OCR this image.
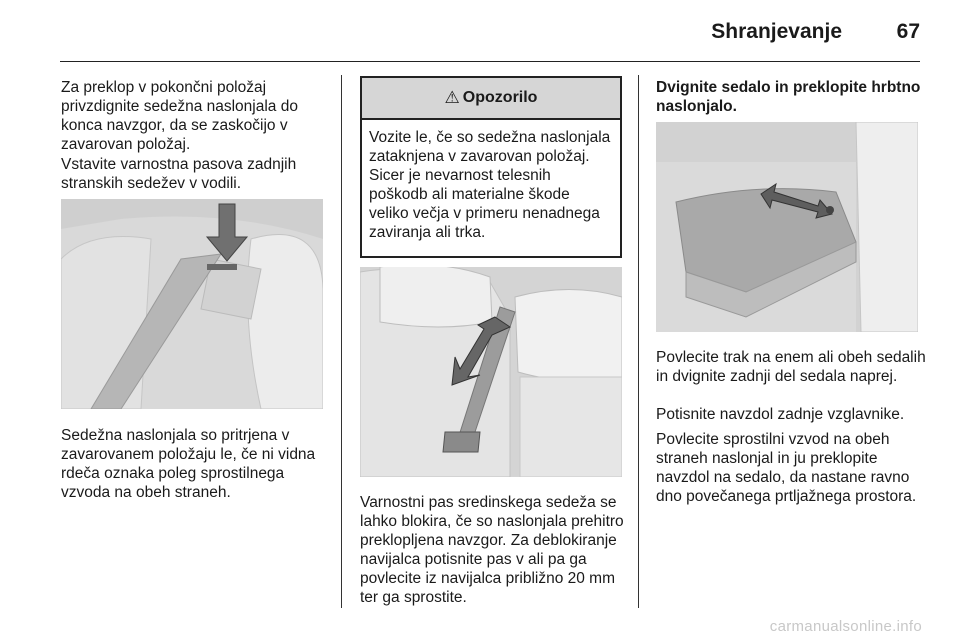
Shranjevanje	67

Za preklop v pokončni položaj privzdignite sedežna naslonjala do konca navzgor, da se zaskočijo v zavarovan položaj.

Vstavite varnostna pasova zadnjih stranskih sedežev v vodili.

Sedežna naslonjala so pritrjena v zavarovanem položaju le, če ni vidna rdeča oznaka poleg sprostilnega vzvoda na obeh straneh.

⚠ Opozorilo
Vozite le, če so sedežna naslonjala zataknjena v zavarovan položaj. Sicer je nevarnost telesnih poškodb ali materialne škode veliko večja v primeru nenadnega zaviranja ali trka.

Varnostni pas sredinskega sedeža se lahko blokira, če so naslonjala prehitro preklopljena navzgor. Za deblokiranje navijalca potisnite pas v ali pa ga povlecite iz navijalca približno 20 mm ter ga sprostite.

Dvignite sedalo in preklopite hrbtno naslonjalo.

Povlecite trak na enem ali obeh sedalih in dvignite zadnji del sedala naprej.

Potisnite navzdol zadnje vzglavnike.

Povlecite sprostilni vzvod na obeh straneh naslonjal in ju preklopite navzdol na sedalo, da nastane ravno dno povečanega prtljažnega prostora.

carmanualsonline.info
